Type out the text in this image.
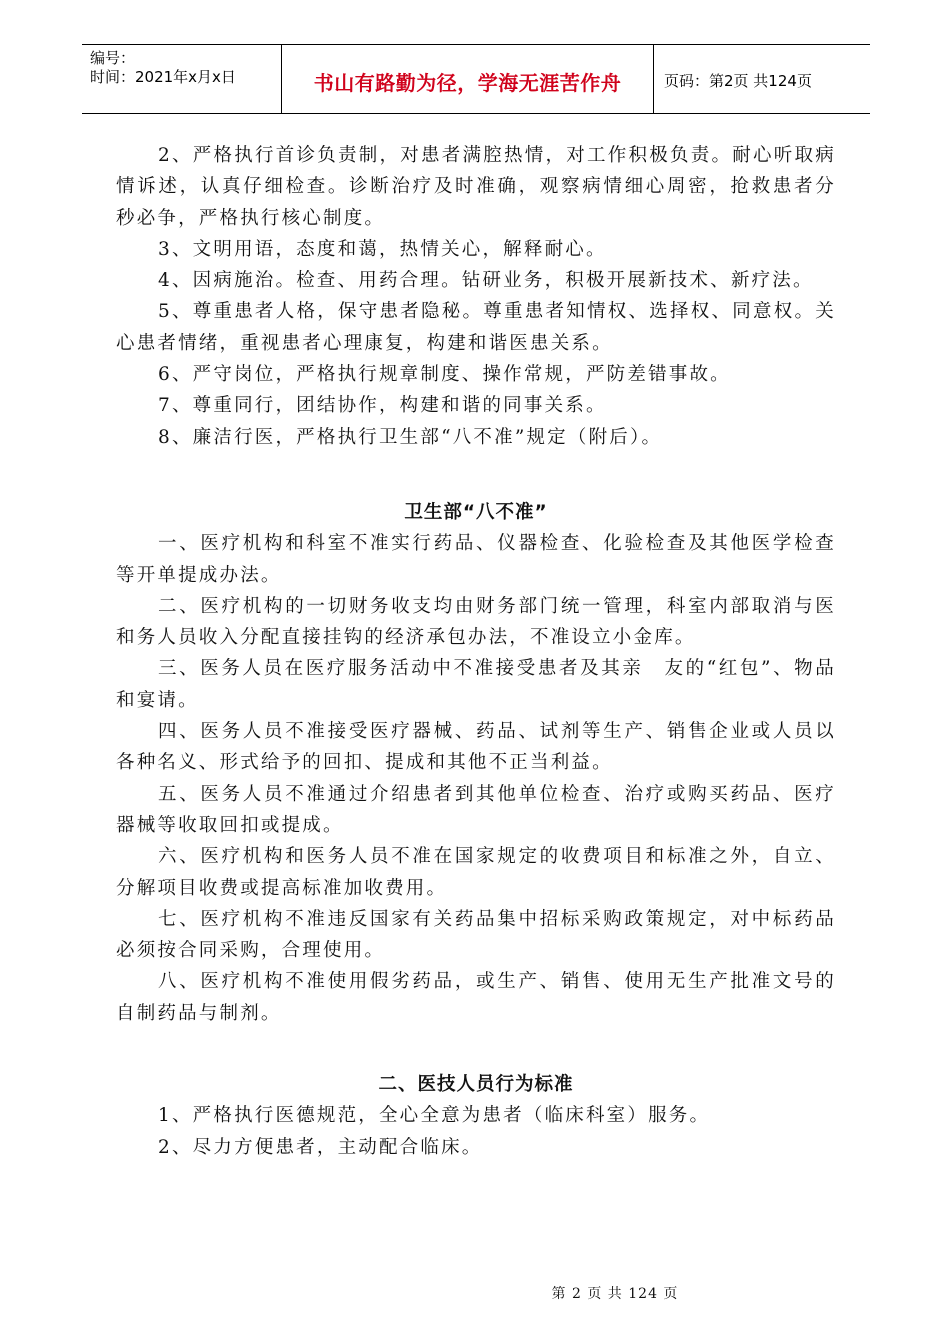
编号：
时间：2021年x月x日	书山有路勤为径，学海无涯苦作舟	页码：第2页 共124页

2、严格执行首诊负责制，对患者满腔热情，对工作积极负责。耐心听取病情诉述，认真仔细检查。诊断治疗及时准确，观察病情细心周密，抢救患者分秒必争，严格执行核心制度。

3、文明用语，态度和蔼，热情关心，解释耐心。

4、因病施治。检查、用药合理。钻研业务，积极开展新技术、新疗法。

5、尊重患者人格，保守患者隐秘。尊重患者知情权、选择权、同意权。关心患者情绪，重视患者心理康复，构建和谐医患关系。

6、严守岗位，严格执行规章制度、操作常规，严防差错事故。

7、尊重同行，团结协作，构建和谐的同事关系。

8、廉洁行医，严格执行卫生部“八不准”规定（附后）。

卫生部“八不准”

一、医疗机构和科室不准实行药品、仪器检查、化验检查及其他医学检查等开单提成办法。

二、医疗机构的一切财务收支均由财务部门统一管理，科室内部取消与医和务人员收入分配直接挂钩的经济承包办法，不准设立小金库。

三、医务人员在医疗服务活动中不准接受患者及其亲　友的“红包”、物品和宴请。

四、医务人员不准接受医疗器械、药品、试剂等生产、销售企业或人员以各种名义、形式给予的回扣、提成和其他不正当利益。

五、医务人员不准通过介绍患者到其他单位检查、治疗或购买药品、医疗器械等收取回扣或提成。

六、医疗机构和医务人员不准在国家规定的收费项目和标准之外，自立、分解项目收费或提高标准加收费用。

七、医疗机构不准违反国家有关药品集中招标采购政策规定，对中标药品必须按合同采购，合理使用。

八、医疗机构不准使用假劣药品，或生产、销售、使用无生产批准文号的自制药品与制剂。

二、医技人员行为标准

1、严格执行医德规范，全心全意为患者（临床科室）服务。

2、尽力方便患者，主动配合临床。

第 2 页 共 124 页
